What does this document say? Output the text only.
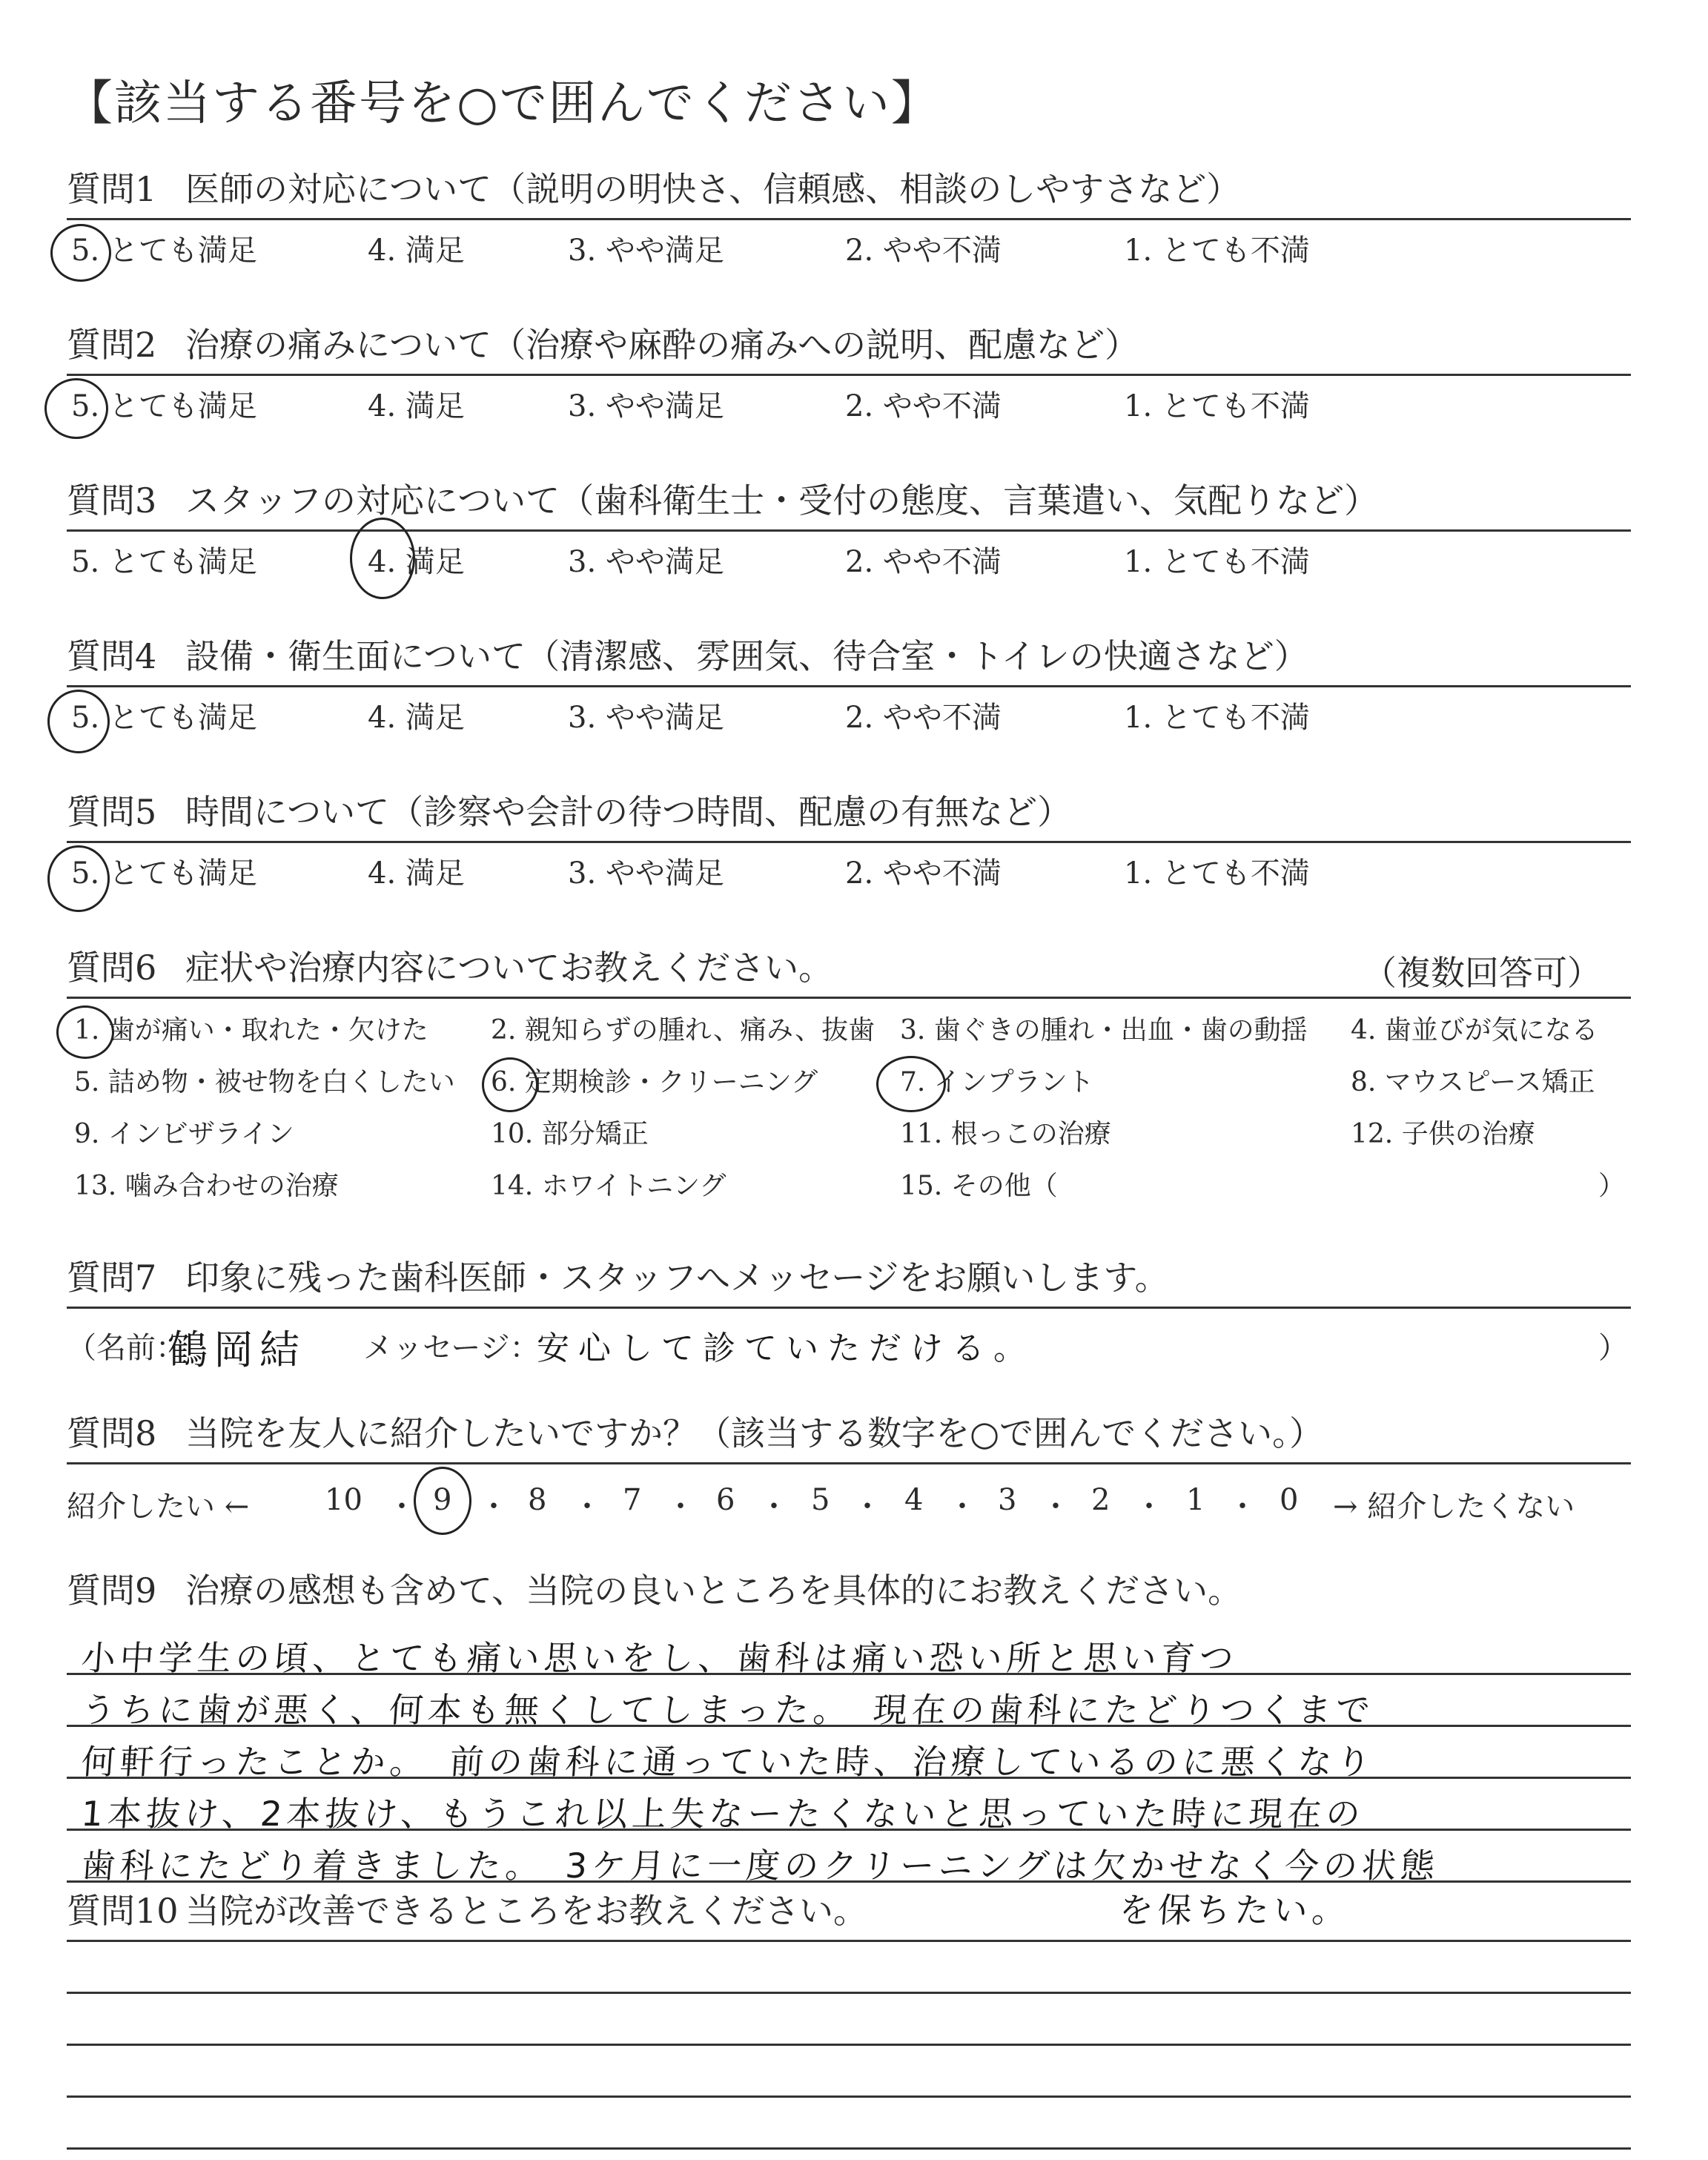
【該当する番号を○で囲んでください】
質問1 医師の対応について（説明の明快さ、信頼感、相談のしやすさなど）
5. とても満足	4. 満足	3. やや満足	2. やや不満	1. とても不満
質問2 治療の痛みについて（治療や麻酔の痛みへの説明、配慮など）
5. とても満足	4. 満足	3. やや満足	2. やや不満	1. とても不満
質問3 スタッフの対応について（歯科衛生士・受付の態度、言葉遣い、気配りなど）
5. とても満足	4. 満足	3. やや満足	2. やや不満	1. とても不満
質問4 設備・衛生面について（清潔感、雰囲気、待合室・トイレの快適さなど）
5. とても満足	4. 満足	3. やや満足	2. やや不満	1. とても不満
質問5 時間について（診察や会計の待つ時間、配慮の有無など）
5. とても満足	4. 満足	3. やや満足	2. やや不満	1. とても不満
質問6 症状や治療内容についてお教えください。	（複数回答可）
1. 歯が痛い・取れた・欠けた 2. 親知らずの腫れ、痛み、抜歯 3. 歯ぐきの腫れ・出血・歯の動揺 4. 歯並びが気になる
5. 詰め物・被せ物を白くしたい 6. 定期検診・クリーニング	7. インプラント	8. マウスピース矯正
9. インビザライン	10. 部分矯正	11. 根っこの治療	12. 子供の治療
13. 噛み合わせの治療	14. ホワイトニング	15. その他（	）
質問7 印象に残った歯科医師・スタッフへメッセージをお願いします。
（名前：
鶴岡結 メッセージ：
安心して診ていただける。	）
質問8 当院を友人に紹介したいですか？（該当する数字を○で囲んでください。）
紹介したい ←	10 ・ 9 ・ 8 ・ 7 ・ 6 ・ 5 ・ 4 ・ 3 ・ 2 ・ 1 ・ 0 → 紹介したくない
質問9 治療の感想も含めて、当院の良いところを具体的にお教えください。
小中学生の頃、とても痛い思いをし、歯科は痛い恐い所と思い育つ
うちに歯が悪く、何本も無くしてしまった。　現在の歯科にたどりつくまで
何軒行ったことか。　前の歯科に通っていた時、治療しているのに悪くなり
1本抜け、2本抜け、もうこれ以上失なーたくないと思っていた時に現在の
歯科にたどり着きました。　3ケ月に一度のクリーニングは欠かせなく今の状態
を保ちたい。
質問10 当院が改善できるところをお教えください。
